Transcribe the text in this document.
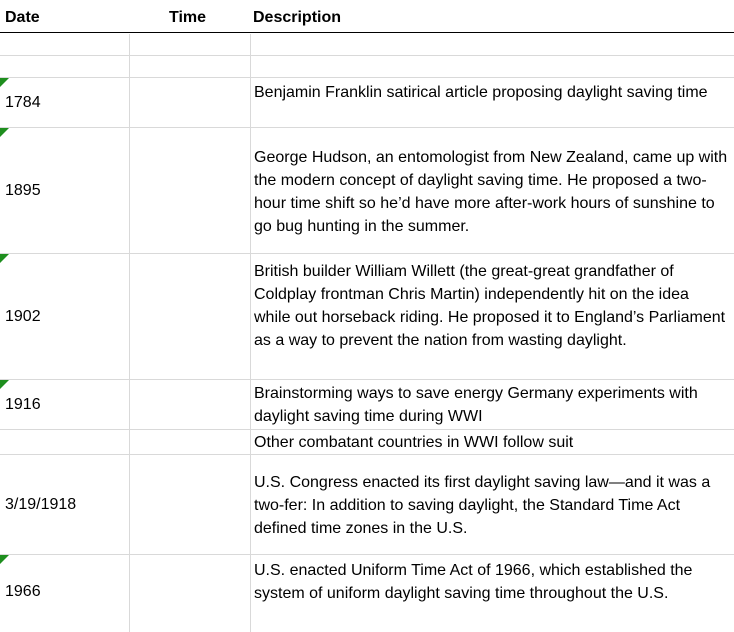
Date	Time	Description
1784
Benjamin Franklin satirical article proposing daylight saving time
1895
George Hudson, an entomologist from New Zealand, came up with the modern concept of daylight saving time. He proposed a two-hour time shift so he’d have more after-work hours of sunshine to go bug hunting in the summer.
1902
British builder William Willett (the great-great grandfather of Coldplay frontman Chris Martin) independently hit on the idea while out horseback riding. He proposed it to England’s Parliament as a way to prevent the nation from wasting daylight.
1916
Brainstorming ways to save energy Germany experiments with daylight saving time during WWI
Other combatant countries in WWI follow suit
3/19/1918
U.S. Congress enacted its first daylight saving law—and it was a two-fer: In addition to saving daylight, the Standard Time Act defined time zones in the U.S.
1966
U.S. enacted Uniform Time Act of 1966, which established the system of uniform daylight saving time throughout the U.S.
